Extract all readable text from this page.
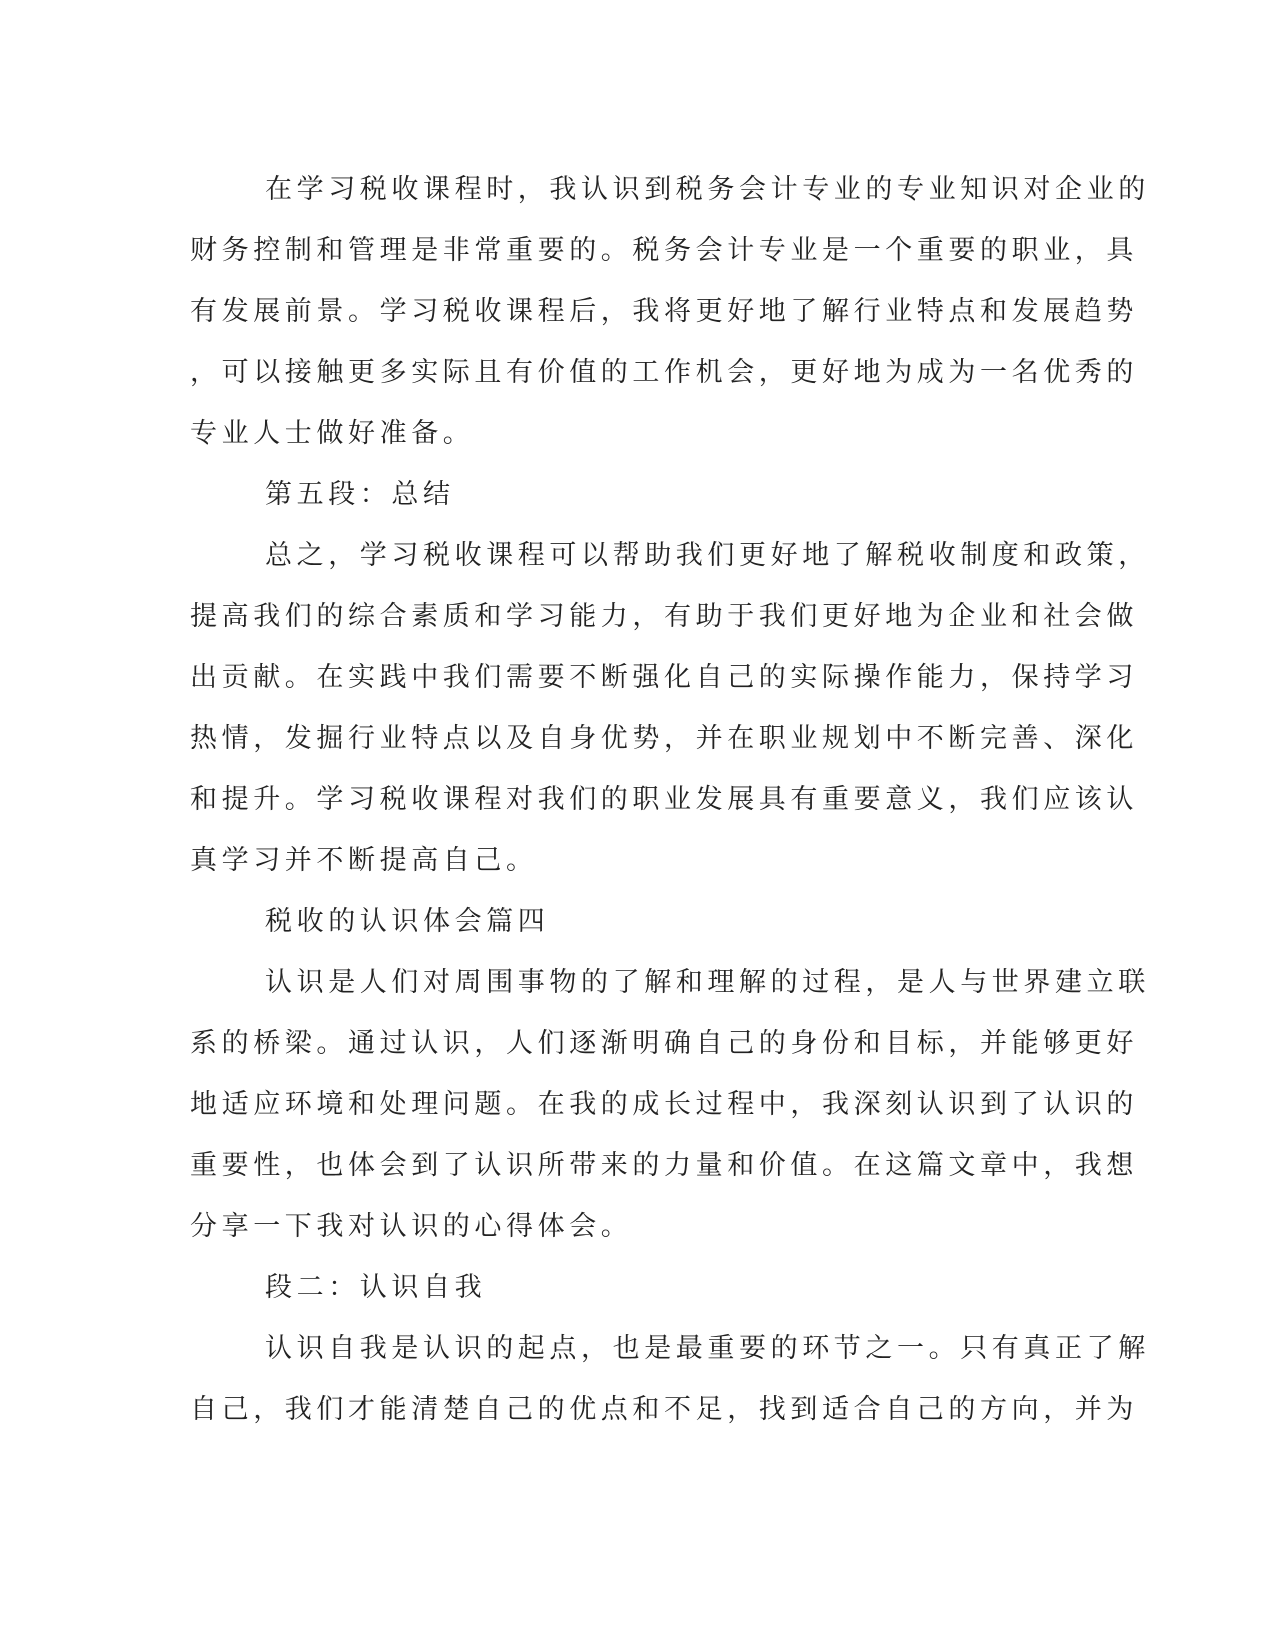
在学习税收课程时，我认识到税务会计专业的专业知识对企业的
财务控制和管理是非常重要的。税务会计专业是一个重要的职业，具
有发展前景。学习税收课程后，我将更好地了解行业特点和发展趋势
，可以接触更多实际且有价值的工作机会，更好地为成为一名优秀的
专业人士做好准备。
第五段：总结
总之，学习税收课程可以帮助我们更好地了解税收制度和政策，
提高我们的综合素质和学习能力，有助于我们更好地为企业和社会做
出贡献。在实践中我们需要不断强化自己的实际操作能力，保持学习
热情，发掘行业特点以及自身优势，并在职业规划中不断完善、深化
和提升。学习税收课程对我们的职业发展具有重要意义，我们应该认
真学习并不断提高自己。
税收的认识体会篇四
认识是人们对周围事物的了解和理解的过程，是人与世界建立联
系的桥梁。通过认识，人们逐渐明确自己的身份和目标，并能够更好
地适应环境和处理问题。在我的成长过程中，我深刻认识到了认识的
重要性，也体会到了认识所带来的力量和价值。在这篇文章中，我想
分享一下我对认识的心得体会。
段二：认识自我
认识自我是认识的起点，也是最重要的环节之一。只有真正了解
自己，我们才能清楚自己的优点和不足，找到适合自己的方向，并为
